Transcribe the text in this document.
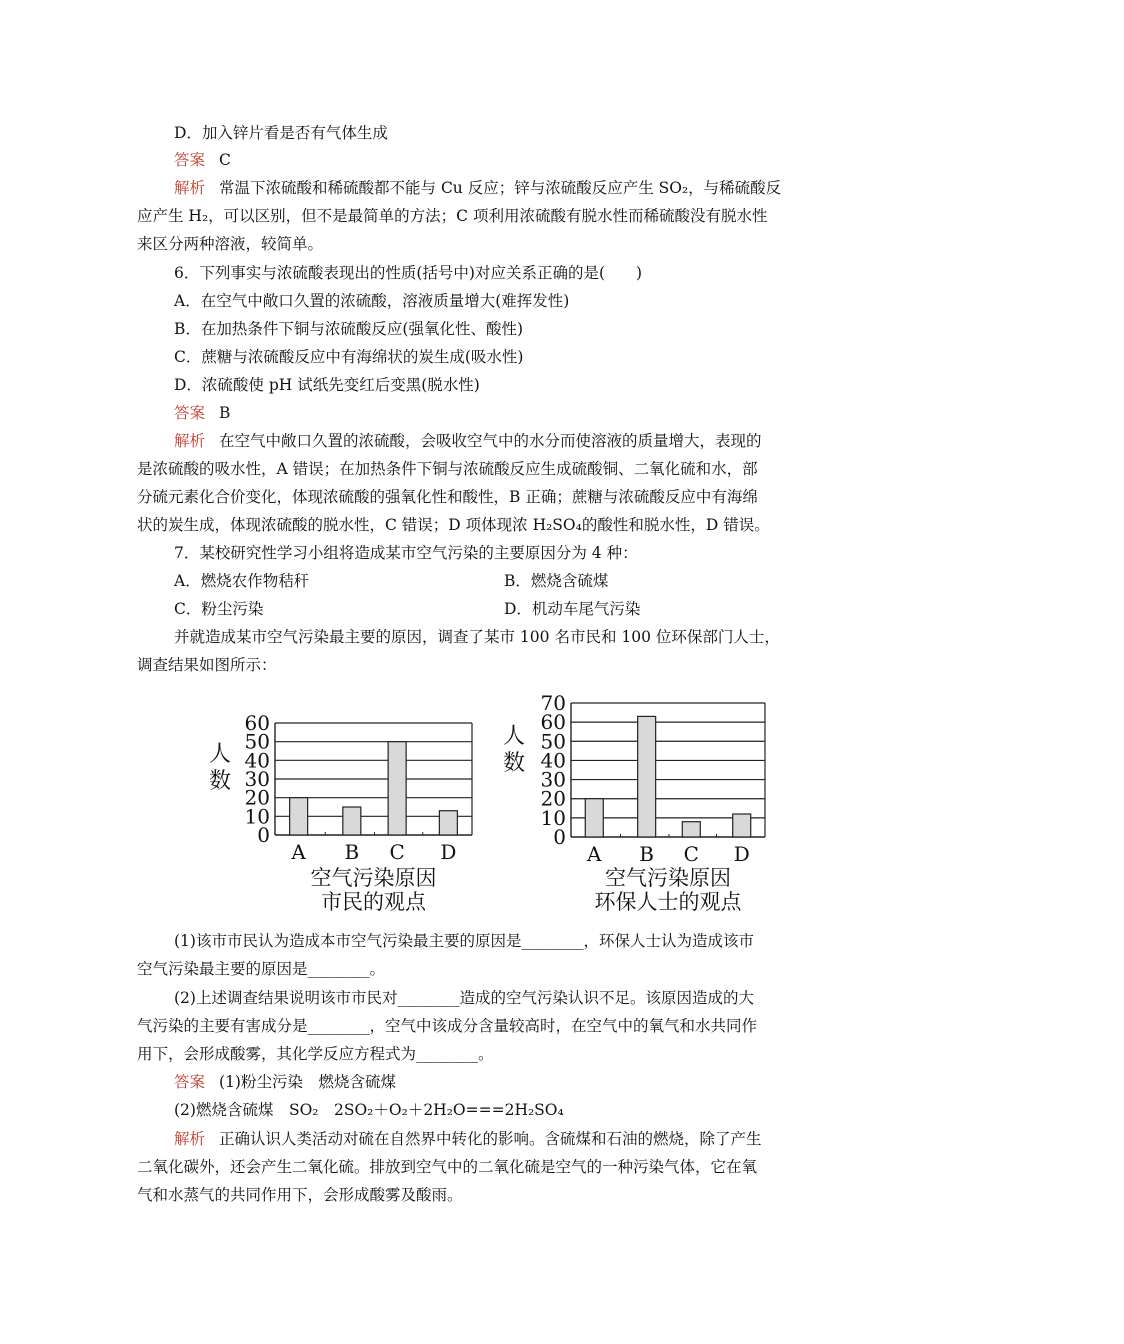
D．加入锌片看是否有气体生成
答案 C
解析 常温下浓硫酸和稀硫酸都不能与 Cu 反应；锌与浓硫酸反应产生 SO₂，与稀硫酸反
应产生 H₂，可以区别，但不是最简单的方法；C 项利用浓硫酸有脱水性而稀硫酸没有脱水性
来区分两种溶液，较简单。
6．下列事实与浓硫酸表现出的性质(括号中)对应关系正确的是(　　)
A．在空气中敞口久置的浓硫酸，溶液质量增大(难挥发性)
B．在加热条件下铜与浓硫酸反应(强氧化性、酸性)
C．蔗糖与浓硫酸反应中有海绵状的炭生成(吸水性)
D．浓硫酸使 pH 试纸先变红后变黑(脱水性)
答案 B
解析 在空气中敞口久置的浓硫酸，会吸收空气中的水分而使溶液的质量增大，表现的
是浓硫酸的吸水性，A 错误；在加热条件下铜与浓硫酸反应生成硫酸铜、二氧化硫和水，部
分硫元素化合价变化，体现浓硫酸的强氧化性和酸性，B 正确；蔗糖与浓硫酸反应中有海绵
状的炭生成，体现浓硫酸的脱水性，C 错误；D 项体现浓 H₂SO₄的酸性和脱水性，D 错误。
7．某校研究性学习小组将造成某市空气污染的主要原因分为 4 种：
A．燃烧农作物秸秆	B．燃烧含硫煤
C．粉尘污染	D．机动车尾气污染
并就造成某市空气污染最主要的原因，调查了某市 100 名市民和 100 位环保部门人士，
调查结果如图所示：
0
10
20
30
40
50
60
人
数
A B C D
空气污染原因
市民的观点
0
10
20
30
40
50
60
70
人
数
A B C D
空气污染原因
环保人士的观点
(1)该市市民认为造成本市空气污染最主要的原因是________，环保人士认为造成该市
空气污染最主要的原因是________。
(2)上述调查结果说明该市市民对________造成的空气污染认识不足。该原因造成的大
气污染的主要有害成分是________，空气中该成分含量较高时，在空气中的氧气和水共同作
用下，会形成酸雾，其化学反应方程式为________。
答案 (1)粉尘污染　燃烧含硫煤
(2)燃烧含硫煤　SO₂　2SO₂＋O₂＋2H₂O===2H₂SO₄
解析 正确认识人类活动对硫在自然界中转化的影响。含硫煤和石油的燃烧，除了产生
二氧化碳外，还会产生二氧化硫。排放到空气中的二氧化硫是空气的一种污染气体，它在氧
气和水蒸气的共同作用下，会形成酸雾及酸雨。
